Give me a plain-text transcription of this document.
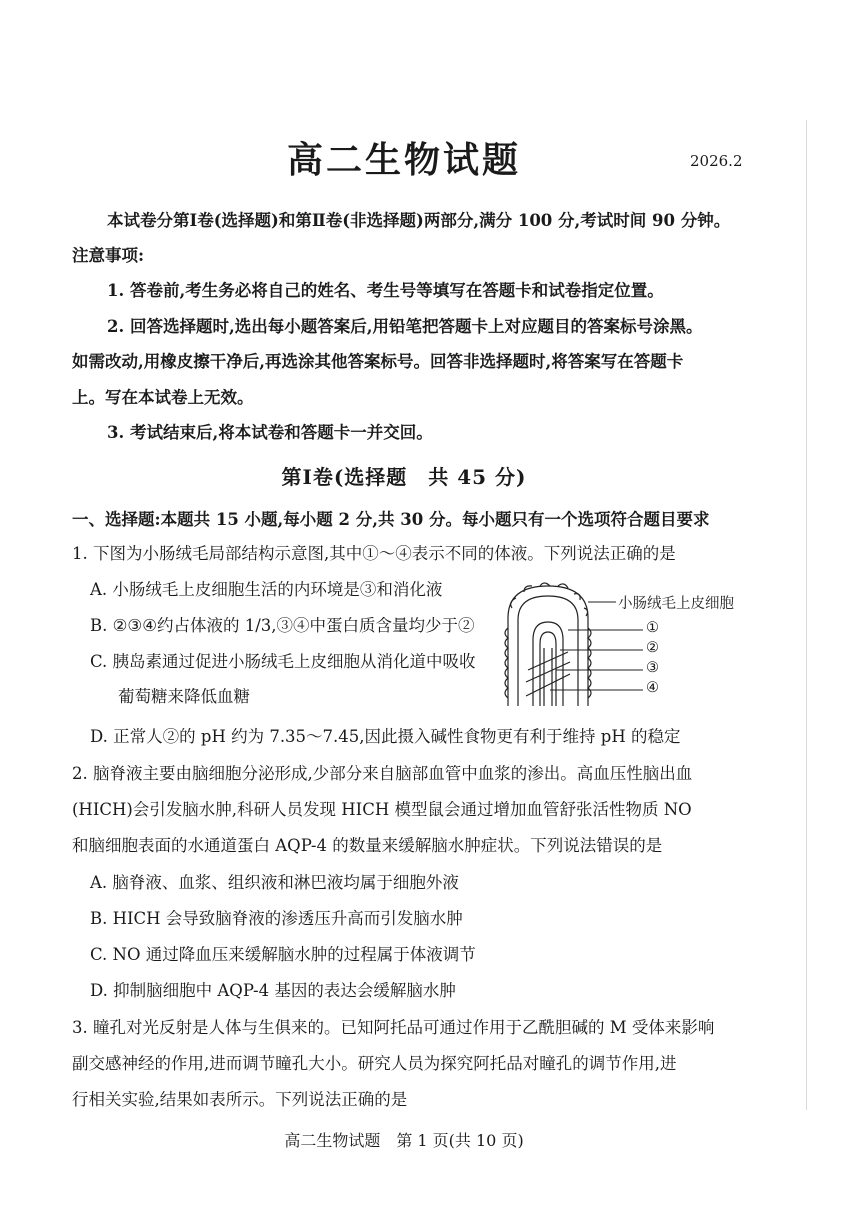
高二生物试题	2026.2
本试卷分第Ⅰ卷(选择题)和第Ⅱ卷(非选择题)两部分,满分 100 分,考试时间 90 分钟。
注意事项:
1. 答卷前,考生务必将自己的姓名、考生号等填写在答题卡和试卷指定位置。
2. 回答选择题时,选出每小题答案后,用铅笔把答题卡上对应题目的答案标号涂黑。
如需改动,用橡皮擦干净后,再选涂其他答案标号。回答非选择题时,将答案写在答题卡
上。写在本试卷上无效。
3. 考试结束后,将本试卷和答题卡一并交回。
第Ⅰ卷(选择题　共 45 分)
一、选择题:本题共 15 小题,每小题 2 分,共 30 分。每小题只有一个选项符合题目要求
1. 下图为小肠绒毛局部结构示意图,其中①～④表示不同的体液。下列说法正确的是
A. 小肠绒毛上皮细胞生活的内环境是③和消化液
B. ②③④约占体液的 1/3,③④中蛋白质含量均少于②
C. 胰岛素通过促进小肠绒毛上皮细胞从消化道中吸收
葡萄糖来降低血糖
D. 正常人②的 pH 约为 7.35～7.45,因此摄入碱性食物更有利于维持 pH 的稳定
小肠绒毛上皮细胞
①
②
③
④
2. 脑脊液主要由脑细胞分泌形成,少部分来自脑部血管中血浆的渗出。高血压性脑出血
(HICH)会引发脑水肿,科研人员发现 HICH 模型鼠会通过增加血管舒张活性物质 NO
和脑细胞表面的水通道蛋白 AQP-4 的数量来缓解脑水肿症状。下列说法错误的是
A. 脑脊液、血浆、组织液和淋巴液均属于细胞外液
B. HICH 会导致脑脊液的渗透压升高而引发脑水肿
C. NO 通过降血压来缓解脑水肿的过程属于体液调节
D. 抑制脑细胞中 AQP-4 基因的表达会缓解脑水肿
3. 瞳孔对光反射是人体与生俱来的。已知阿托品可通过作用于乙酰胆碱的 M 受体来影响
副交感神经的作用,进而调节瞳孔大小。研究人员为探究阿托品对瞳孔的调节作用,进
行相关实验,结果如表所示。下列说法正确的是
高二生物试题　第 1 页(共 10 页)
